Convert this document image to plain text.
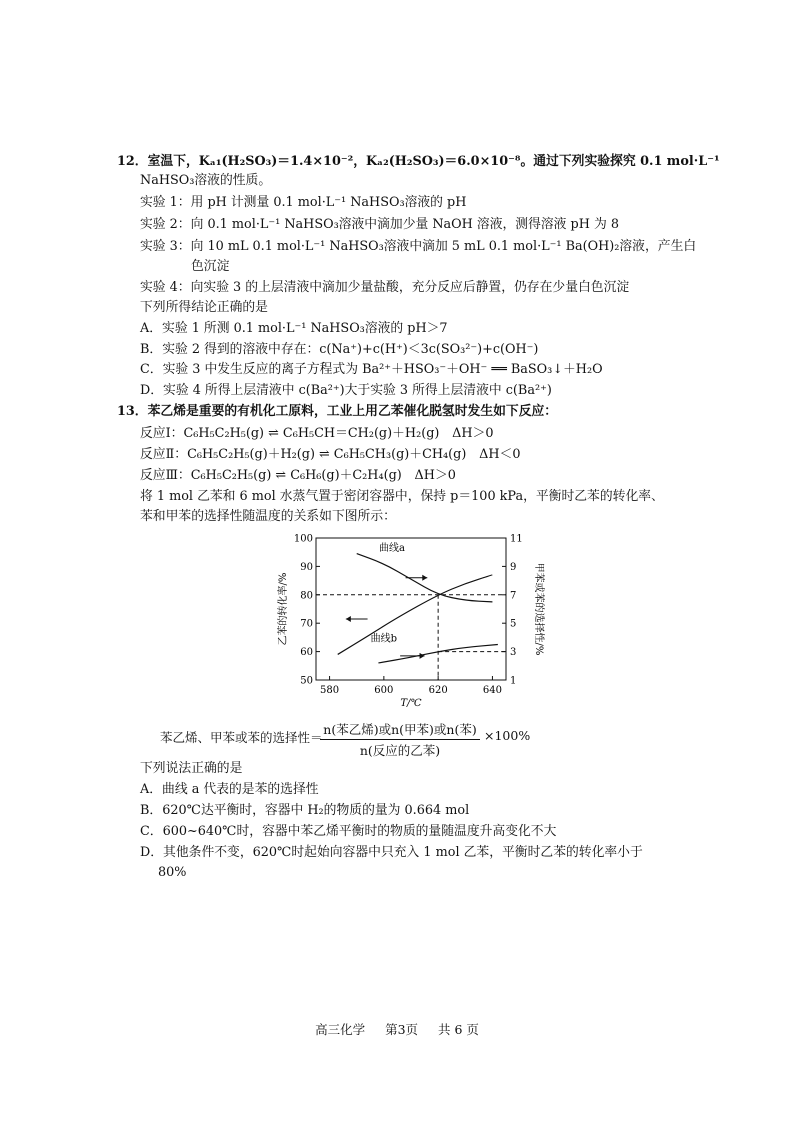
12．室温下，Kₐ₁(H₂SO₃)＝1.4×10⁻²，Kₐ₂(H₂SO₃)＝6.0×10⁻⁸。通过下列实验探究 0.1 mol·L⁻¹
NaHSO₃溶液的性质。
实验 1：用 pH 计测量 0.1 mol·L⁻¹ NaHSO₃溶液的 pH
实验 2：向 0.1 mol·L⁻¹ NaHSO₃溶液中滴加少量 NaOH 溶液，测得溶液 pH 为 8
实验 3：向 10 mL 0.1 mol·L⁻¹ NaHSO₃溶液中滴加 5 mL 0.1 mol·L⁻¹ Ba(OH)₂溶液，产生白
色沉淀
实验 4：向实验 3 的上层清液中滴加少量盐酸，充分反应后静置，仍存在少量白色沉淀
下列所得结论正确的是
A．实验 1 所测 0.1 mol·L⁻¹ NaHSO₃溶液的 pH＞7
B．实验 2 得到的溶液中存在：c(Na⁺)+c(H⁺)＜3c(SO₃²⁻)+c(OH⁻)
C．实验 3 中发生反应的离子方程式为 Ba²⁺＋HSO₃⁻＋OH⁻ ══ BaSO₃↓＋H₂O
D．实验 4 所得上层清液中 c(Ba²⁺)大于实验 3 所得上层清液中 c(Ba²⁺)
13．苯乙烯是重要的有机化工原料，工业上用乙苯催化脱氢时发生如下反应：
反应Ⅰ：C₆H₅C₂H₅(g) ⇌ C₆H₅CH＝CH₂(g)＋H₂(g)　ΔH＞0
反应Ⅱ：C₆H₅C₂H₅(g)＋H₂(g) ⇌ C₆H₅CH₃(g)＋CH₄(g)　ΔH＜0
反应Ⅲ：C₆H₅C₂H₅(g) ⇌ C₆H₆(g)＋C₂H₄(g)　ΔH＞0
将 1 mol 乙苯和 6 mol 水蒸气置于密闭容器中，保持 p＝100 kPa，平衡时乙苯的转化率、
苯和甲苯的选择性随温度的关系如下图所示：
580	600	620	640
T/℃
50
60
70
80
90
100
1
3
5
7
9
11
乙苯的转化率/%	甲苯或苯的选择性/%
曲线a
曲线b
苯乙烯、甲苯或苯的选择性＝
n(苯乙烯)或n(甲苯)或n(苯)
n(反应的乙苯)
×100%
下列说法正确的是
A．曲线 a 代表的是苯的选择性
B．620℃达平衡时，容器中 H₂的物质的量为 0.664 mol
C．600~640℃时，容器中苯乙烯平衡时的物质的量随温度升高变化不大
D．其他条件不变，620℃时起始向容器中只充入 1 mol 乙苯，平衡时乙苯的转化率小于
80%
高三化学 第3页 共 6 页
